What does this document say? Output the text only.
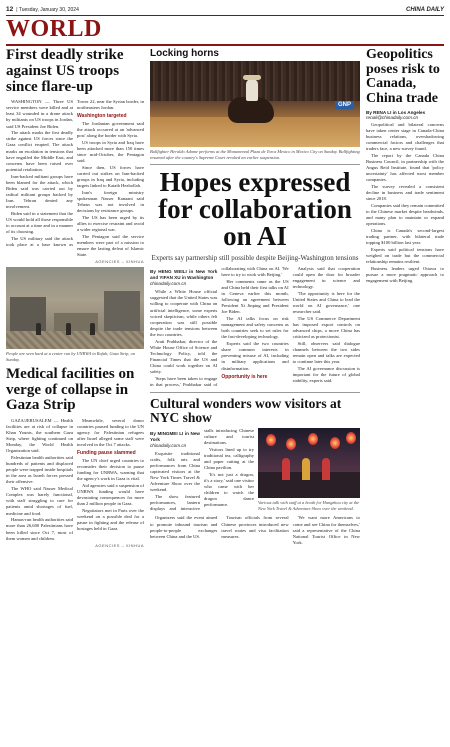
12 | Tuesday, January 30, 2024	CHINA DAILY
WORLD
First deadly strike against US troops since flare-up

WASHINGTON — Three US service members were killed and at least 34 wounded in a drone attack by militants on US troops in Jordan, said US President Joe Biden.

The attack marks the first deadly strike against US forces since the Gaza conflict erupted. The attack marks an escalation in tensions that have engulfed the Middle East, and concerns have been raised over potential retaliation.

Iran-backed militant groups have been blamed for the attack, which Biden said was carried out by radical militant groups backed by Iran. Tehran denied any involvement.

Biden said in a statement that the US would hold all those responsible to account at a time and in a manner of its choosing.

The US military said the attack took place at a base known as Tower 22, near the Syrian border, in northeastern Jordan.

Washington targeted

The Jordanian government said the attack occurred at an 'advanced post' along the border with Syria.

US troops in Syria and Iraq have been attacked more than 150 times since mid-October, the Pentagon said.

Since then, US forces have carried out strikes on Iran-backed groups in Iraq and Syria, including targets linked to Kataib Hezbollah.

Iran's foreign ministry spokesman Nasser Kanaani said Tehran was not involved in decisions by resistance groups.

The US has been urged by its allies to exercise restraint and avoid a wider regional war.

The Pentagon said the service members were part of a mission to ensure the lasting defeat of Islamic State.

AGENCIES – XINHUA
People are seen hard at a center run by UNRWA in Rafah, Gaza Strip, on Sunday.
Medical facilities on verge of collapse in Gaza Strip

GAZA/JERUSALEM — Health facilities are at risk of collapse in Khan Younis, the southern Gaza Strip, where fighting continued on Monday, the World Health Organization said.

Palestinian health authorities said hundreds of patients and displaced people were trapped inside hospitals in the area as Israeli forces pressed their offensive.

The WHO said Nasser Medical Complex was barely functional, with staff struggling to care for patients amid shortages of fuel, medicine and food.

Hamas-run health authorities said more than 26,600 Palestinians have been killed since Oct 7, most of them women and children.

Meanwhile, several donor countries paused funding to the UN agency for Palestinian refugees after Israel alleged some staff were involved in the Oct 7 attacks.

Funding pause slammed

The UN chief urged countries to reconsider their decision to pause funding for UNRWA, warning that the agency's work in Gaza is vital.

Aid agencies said a suspension of UNRWA funding would have devastating consequences for more than 2 million people in Gaza.

Negotiators met in Paris over the weekend on a possible deal for a pause in fighting and the release of hostages held in Gaza.

AGENCIES – XINHUA
Locking horns
GNP
Bullfighter Heraldo Adame performs at the Monumental Plaza de Toros Mexico in Mexico City on Sunday. Bullfighting resumed after the country's Supreme Court revoked an earlier suspension.
Hopes expressed for collaboration on AI
Experts say partnership still possible despite Beijing-Washington tensions
By HENG WEILI in New York and YIFAN XU in Washington
chinadaily.com.cn

While a White House official suggested that the United States was willing to cooperate with China on artificial intelligence, some experts voiced skepticism, while others felt cooperation was still possible despite the trade tensions between the two countries.

Arati Prabhakar, director of the White House Office of Science and Technology Policy, told the Financial Times that the US and China could work together on AI safety.

'Steps have been taken to engage in that process,' Prabhakar said of collaborating with China on AI. 'We have to try to work with Beijing.'

Her comments came as the US and China held their first talks on AI in Geneva earlier this month, following an agreement between President Xi Jinping and President Joe Biden.

The AI talks focus on risk management and safety concerns as both countries seek to set rules for the fast-developing technology.

Experts said the two countries share common interests in preventing misuse of AI, including in military applications and disinformation.

Opportunity is here

Analysts said that cooperation could open the door for broader engagement in science and technology.

'The opportunity is here for the United States and China to lead the world on AI governance,' one researcher said.

The US Commerce Department has imposed export controls on advanced chips, a move China has criticized as protectionist.

Still, observers said dialogue channels between the two sides remain open and talks are expected to continue later this year.

The AI governance discussion is important for the future of global stability, experts said.

Cultural wonders wow visitors at NYC show
By MINGMEI LI in New York
chinadaily.com.cn

Exquisite traditional crafts, folk arts and performances from China captivated visitors at the New York Times Travel & Adventure Show over the weekend.

The show featured performances, lantern displays and interactive stalls introducing Chinese culture and tourist destinations.

Visitors lined up to try traditional tea, calligraphy and paper cutting at the China pavilion.

'It's not just a dragon, it's a story,' said one visitor who came with her children to watch the dragon dance performance.	Various talk with staff at a booth for Hangzhou city at the New York Travel & Adventure Show over the weekend.

Organizers said the event aimed to promote inbound tourism and people-to-people exchanges between China and the US.

Tourism officials from several Chinese provinces introduced new travel routes and visa facilitation measures.

'We want more Americans to come and see China for themselves,' said a representative of the China National Tourist Office in New York.

Geopolitics poses risk to Canada, China trade
By RENA LI in Los Angeles
renali@chinadaily.com.cn

Geopolitical and bilateral concerns have taken center stage in Canada-China business relations, overshadowing commercial factors and challenges that traders face, a new survey found.

The report by the Canada China Business Council, in partnership with the Angus Reid Institute, found that 'policy uncertainty' has affected most member companies.

The survey revealed a consistent decline in business and trade sentiment since 2018.

Companies said they remain committed to the Chinese market despite headwinds, and many plan to maintain or expand operations.

China is Canada's second-largest trading partner, with bilateral trade topping $100 billion last year.

Experts said political tensions have weighed on trade but the commercial relationship remains resilient.

Business leaders urged Ottawa to pursue a more pragmatic approach to engagement with Beijing.
